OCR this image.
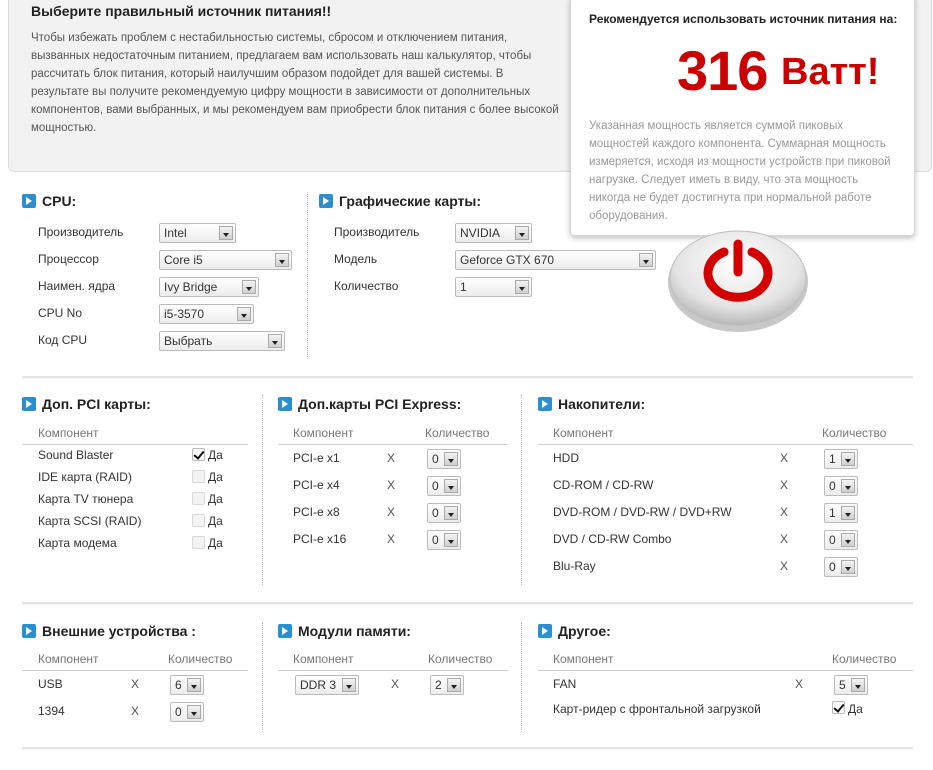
Выберите правильный источник питания!!
Чтобы избежать проблем с нестабильностью системы, сбросом и отключением питания, вызванных недостаточным питанием, предлагаем вам использовать наш калькулятор, чтобы рассчитать блок питания, который наилучшим образом подойдет для вашей системы. В результате вы получите рекомендуемую цифру мощности в зависимости от дополнительных компонентов, вами выбранных, и мы рекомендуем вам приобрести блок питания с более высокой мощностью.
Рекомендуется использовать источник питания на:
316 Ватт!
Указанная мощность является суммой пиковых мощностей каждого компонента. Суммарная мощность измеряется, исходя из мощности устройств при пиковой нагрузке. Следует иметь в виду, что эта мощность никогда не будет достигнута при нормальной работе оборудования.
CPU:
Производитель	Intel
Процессор	Core i5
Наимен. ядра	Ivy Bridge
CPU No	i5-3570
Код CPU	Выбрать
Графические карты:
Производитель	NVIDIA
Модель	Geforce GTX 670
Количество	1
Доп. PCI карты:
Компонент
Sound Blaster	Да
IDE карта (RAID)	Да
Карта TV тюнера	Да
Карта SCSI (RAID)	Да
Карта модема	Да
Доп.карты PCI Express:
Компонент	Количество
PCI-e x1	X	0
PCI-e x4	X	0
PCI-e x8	X	0
PCI-e x16	X	0
Накопители:
Компонент	Количество
HDD	X	1
CD-ROM / CD-RW	X	0
DVD-ROM / DVD-RW / DVD+RW	X	1
DVD / CD-RW Combo	X	0
Blu-Ray	X	0
Внешние устройства :
Компонент	Количество
USB	X	6
1394	X	0
Модули памяти:
Компонент	Количество
DDR 3	X	2
Другое:
Компонент	Количество
FAN	X	5
Карт-ридер с фронтальной загрузкой	Да
